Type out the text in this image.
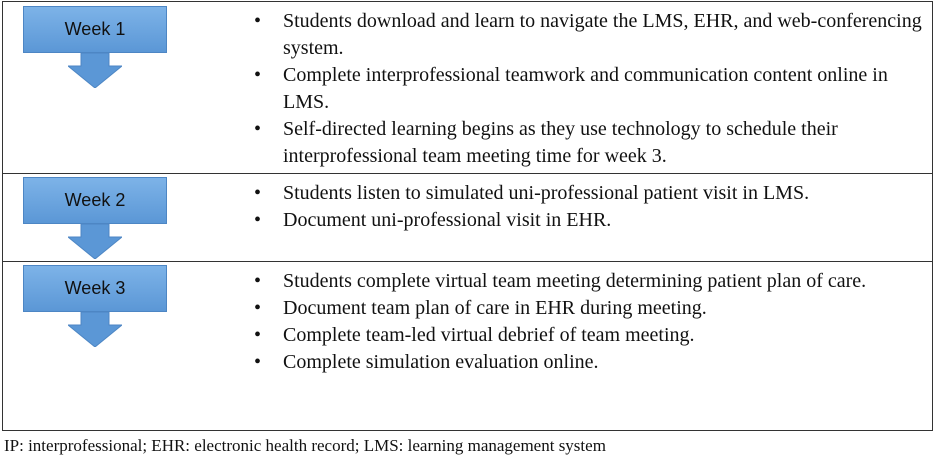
Week 1	• Students download and learn to navigate the LMS, EHR, and web-conferencing system.
• Complete interprofessional teamwork and communication content online in LMS.
• Self-directed learning begins as they use technology to schedule their interprofessional team meeting time for week 3.
Week 2	• Students listen to simulated uni-professional patient visit in LMS.
• Document uni-professional visit in EHR.
Week 3	• Students complete virtual team meeting determining patient plan of care.
• Document team plan of care in EHR during meeting.
• Complete team-led virtual debrief of team meeting.
• Complete simulation evaluation online.
IP: interprofessional; EHR: electronic health record; LMS: learning management system
